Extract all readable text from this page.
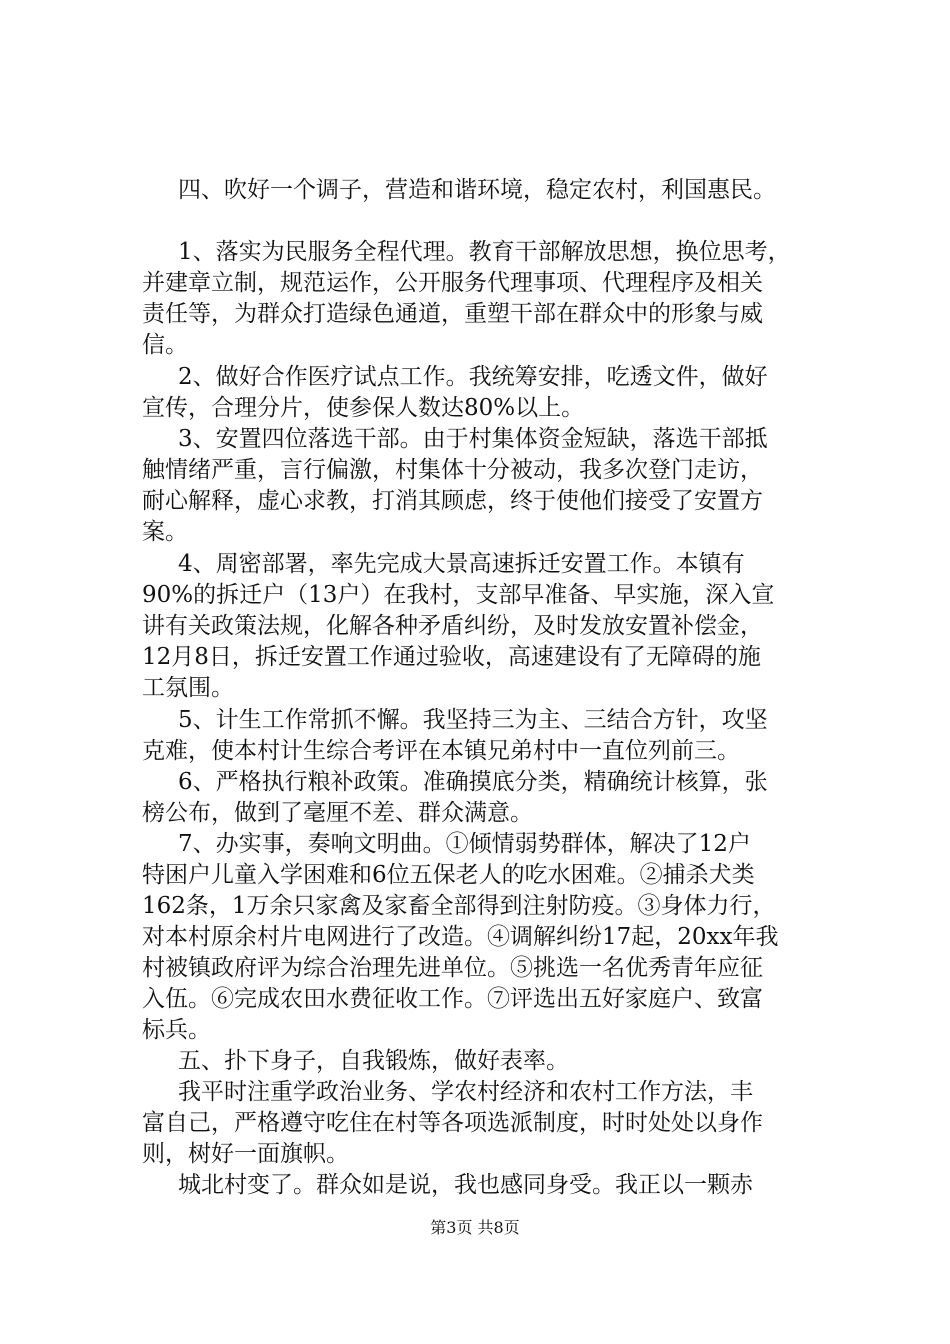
四、吹好一个调子，营造和谐环境，稳定农村，利国惠民。
1、落实为民服务全程代理。教育干部解放思想，换位思考，
并建章立制，规范运作，公开服务代理事项、代理程序及相关
责任等，为群众打造绿色通道，重塑干部在群众中的形象与威
信。
2、做好合作医疗试点工作。我统筹安排，吃透文件，做好
宣传，合理分片，使参保人数达80%以上。
3、安置四位落选干部。由于村集体资金短缺，落选干部抵
触情绪严重，言行偏激，村集体十分被动，我多次登门走访，
耐心解释，虚心求教，打消其顾虑，终于使他们接受了安置方
案。
4、周密部署，率先完成大景高速拆迁安置工作。本镇有
90%的拆迁户（13户）在我村，支部早准备、早实施，深入宣
讲有关政策法规，化解各种矛盾纠纷，及时发放安置补偿金，
12月8日，拆迁安置工作通过验收，高速建设有了无障碍的施
工氛围。
5、计生工作常抓不懈。我坚持三为主、三结合方针，攻坚
克难，使本村计生综合考评在本镇兄弟村中一直位列前三。
6、严格执行粮补政策。准确摸底分类，精确统计核算，张
榜公布，做到了毫厘不差、群众满意。
7、办实事，奏响文明曲。①倾情弱势群体，解决了12户
特困户儿童入学困难和6位五保老人的吃水困难。②捕杀犬类
162条，1万余只家禽及家畜全部得到注射防疫。③身体力行，
对本村原余村片电网进行了改造。④调解纠纷17起，20xx年我
村被镇政府评为综合治理先进单位。⑤挑选一名优秀青年应征
入伍。⑥完成农田水费征收工作。⑦评选出五好家庭户、致富
标兵。
五、扑下身子，自我锻炼，做好表率。
我平时注重学政治业务、学农村经济和农村工作方法，丰
富自己，严格遵守吃住在村等各项选派制度，时时处处以身作
则，树好一面旗帜。
城北村变了。群众如是说，我也感同身受。我正以一颗赤
第3页 共8页
